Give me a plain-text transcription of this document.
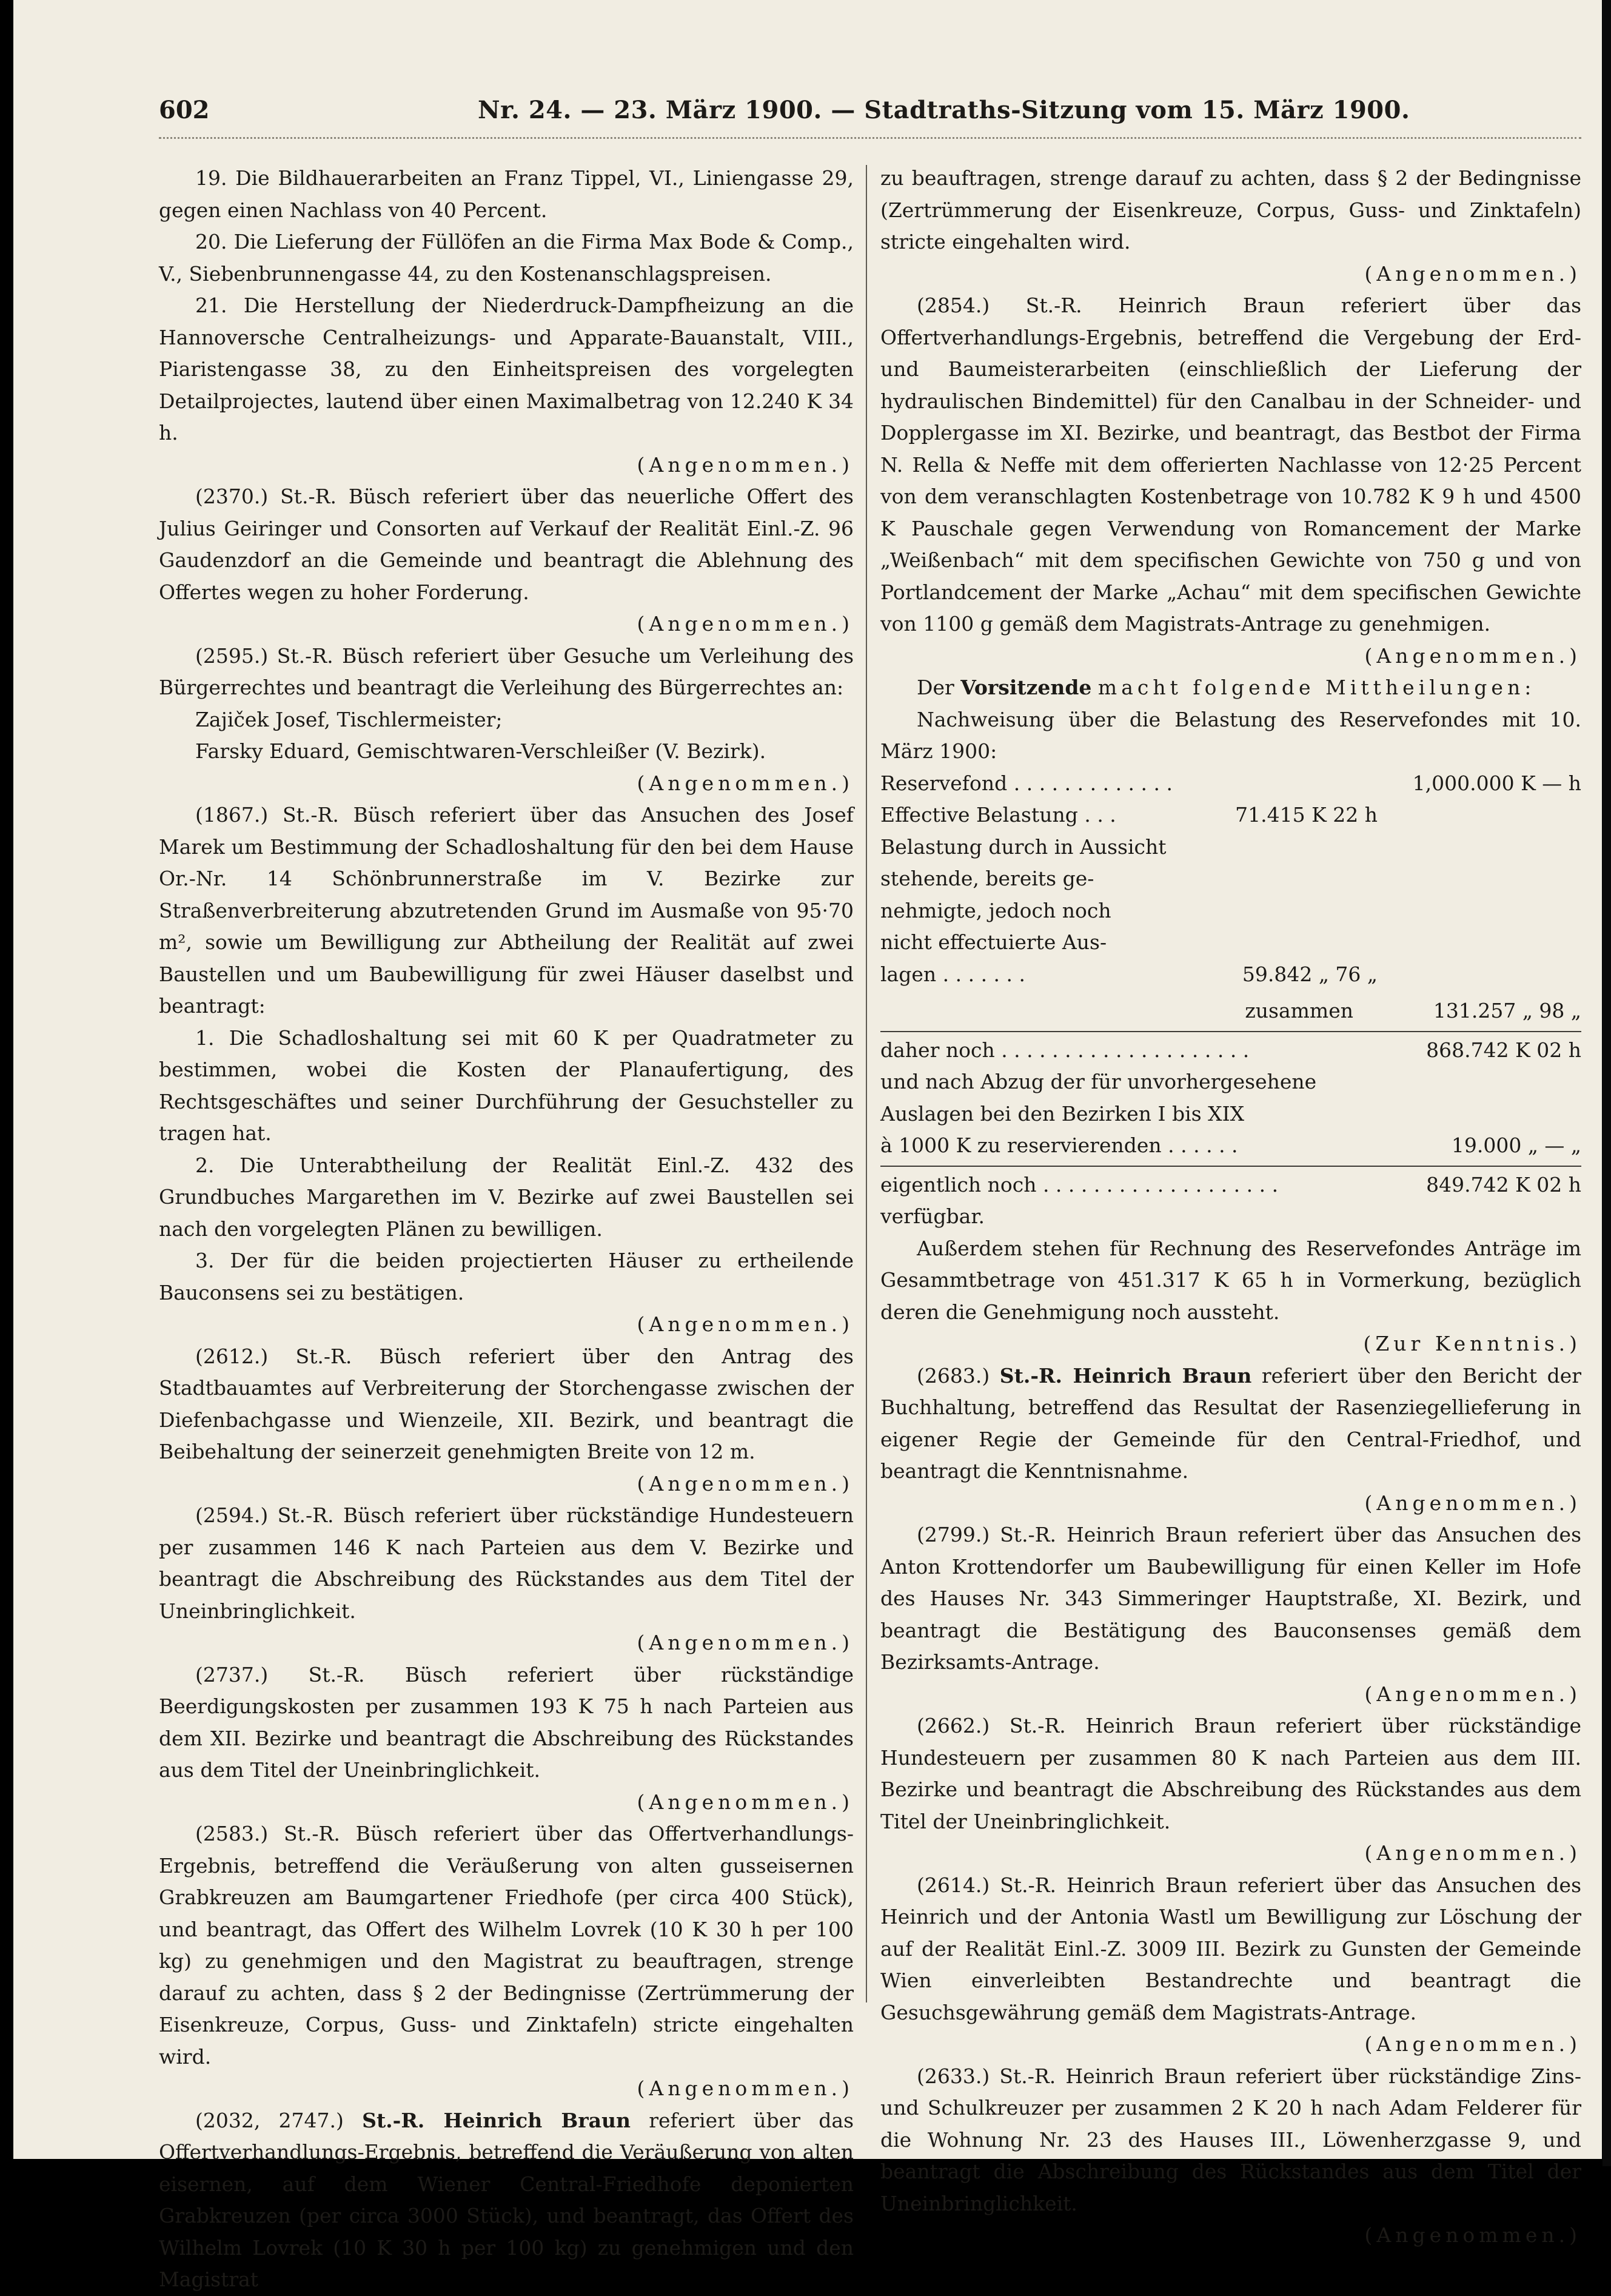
602	Nr. 24. — 23. März 1900. — Stadtraths-Sitzung vom 15. März 1900.

19. Die Bildhauerarbeiten an Franz Tippel, VI., Liniengasse 29, gegen einen Nachlass von 40 Percent.

20. Die Lieferung der Füllöfen an die Firma Max Bode & Comp., V., Siebenbrunnengasse 44, zu den Kostenanschlagspreisen.

21. Die Herstellung der Niederdruck-Dampfheizung an die Hannoversche Centralheizungs- und Apparate-Bauanstalt, VIII., Piaristengasse 38, zu den Einheitspreisen des vorgelegten Detailprojectes, lautend über einen Maximalbetrag von 12.240 K 34 h.

(Angenommen.)

(2370.) St.-R. Büsch referiert über das neuerliche Offert des Julius Geiringer und Consorten auf Verkauf der Realität Einl.-Z. 96 Gaudenzdorf an die Gemeinde und beantragt die Ablehnung des Offertes wegen zu hoher Forderung.

(Angenommen.)

(2595.) St.-R. Büsch referiert über Gesuche um Verleihung des Bürgerrechtes und beantragt die Verleihung des Bürgerrechtes an:

Zajiček Josef, Tischlermeister;

Farsky Eduard, Gemischtwaren-Verschleißer (V. Bezirk).

(Angenommen.)

(1867.) St.-R. Büsch referiert über das Ansuchen des Josef Marek um Bestimmung der Schadloshaltung für den bei dem Hause Or.-Nr. 14 Schönbrunnerstraße im V. Bezirke zur Straßenverbreiterung abzutretenden Grund im Ausmaße von 95·70 m², sowie um Bewilligung zur Abtheilung der Realität auf zwei Baustellen und um Baubewilligung für zwei Häuser daselbst und beantragt:

1. Die Schadloshaltung sei mit 60 K per Quadratmeter zu bestimmen, wobei die Kosten der Planaufertigung, des Rechtsgeschäftes und seiner Durchführung der Gesuchsteller zu tragen hat.

2. Die Unterabtheilung der Realität Einl.-Z. 432 des Grundbuches Margarethen im V. Bezirke auf zwei Baustellen sei nach den vorgelegten Plänen zu bewilligen.

3. Der für die beiden projectierten Häuser zu ertheilende Bauconsens sei zu bestätigen.

(Angenommen.)

(2612.) St.-R. Büsch referiert über den Antrag des Stadtbauamtes auf Verbreiterung der Storchengasse zwischen der Diefenbachgasse und Wienzeile, XII. Bezirk, und beantragt die Beibehaltung der seinerzeit genehmigten Breite von 12 m.

(Angenommen.)

(2594.) St.-R. Büsch referiert über rückständige Hundesteuern per zusammen 146 K nach Parteien aus dem V. Bezirke und beantragt die Abschreibung des Rückstandes aus dem Titel der Uneinbringlichkeit.

(Angenommen.)

(2737.) St.-R. Büsch referiert über rückständige Beerdigungskosten per zusammen 193 K 75 h nach Parteien aus dem XII. Bezirke und beantragt die Abschreibung des Rückstandes aus dem Titel der Uneinbringlichkeit.

(Angenommen.)

(2583.) St.-R. Büsch referiert über das Offertverhandlungs-Ergebnis, betreffend die Veräußerung von alten gusseisernen Grabkreuzen am Baumgartener Friedhofe (per circa 400 Stück), und beantragt, das Offert des Wilhelm Lovrek (10 K 30 h per 100 kg) zu genehmigen und den Magistrat zu beauftragen, strenge darauf zu achten, dass § 2 der Bedingnisse (Zertrümmerung der Eisenkreuze, Corpus, Guss- und Zinktafeln) stricte eingehalten wird.

(Angenommen.)

(2032, 2747.) St.-R. Heinrich Braun referiert über das Offertverhandlungs-Ergebnis, betreffend die Veräußerung von alten eisernen, auf dem Wiener Central-Friedhofe deponierten Grabkreuzen (per circa 3000 Stück), und beantragt, das Offert des Wilhelm Lovrek (10 K 30 h per 100 kg) zu genehmigen und den Magistrat

zu beauftragen, strenge darauf zu achten, dass § 2 der Bedingnisse (Zertrümmerung der Eisenkreuze, Corpus, Guss- und Zinktafeln) stricte eingehalten wird.

(Angenommen.)

(2854.) St.-R. Heinrich Braun referiert über das Offertverhandlungs-Ergebnis, betreffend die Vergebung der Erd- und Baumeisterarbeiten (einschließlich der Lieferung der hydraulischen Bindemittel) für den Canalbau in der Schneider- und Dopplergasse im XI. Bezirke, und beantragt, das Bestbot der Firma N. Rella & Neffe mit dem offerierten Nachlasse von 12·25 Percent von dem veranschlagten Kostenbetrage von 10.782 K 9 h und 4500 K Pauschale gegen Verwendung von Romancement der Marke „Weißenbach“ mit dem specifischen Gewichte von 750 g und von Portlandcement der Marke „Achau“ mit dem specifischen Gewichte von 1100 g gemäß dem Magistrats-Antrage zu genehmigen.

(Angenommen.)

Der Vorsitzende macht folgende Mittheilungen:

Nachweisung über die Belastung des Reservefondes mit 10. März 1900:

Reservefond . . . . . . . . . . . . .	1,000.000 K — h
Effective Belastung . . .	71.415 K 22 h
Belastung durch in Aussicht
stehende, bereits ge-
nehmigte, jedoch noch
nicht effectuierte Aus-
lagen . . . . . . .	59.842 „ 76 „
zusammen	131.257 „ 98 „
daher noch . . . . . . . . . . . . . . . . . . . .	868.742 K 02 h
und nach Abzug der für unvorhergesehene
Auslagen bei den Bezirken I bis XIX
à 1000 K zu reservierenden . . . . . .	19.000 „ — „
eigentlich noch . . . . . . . . . . . . . . . . . . .	849.742 K 02 h
verfügbar.

Außerdem stehen für Rechnung des Reservefondes Anträge im Gesammtbetrage von 451.317 K 65 h in Vormerkung, bezüglich deren die Genehmigung noch aussteht.

(Zur Kenntnis.)

(2683.) St.-R. Heinrich Braun referiert über den Bericht der Buchhaltung, betreffend das Resultat der Rasenziegellieferung in eigener Regie der Gemeinde für den Central-Friedhof, und beantragt die Kenntnisnahme.

(Angenommen.)

(2799.) St.-R. Heinrich Braun referiert über das Ansuchen des Anton Krottendorfer um Baubewilligung für einen Keller im Hofe des Hauses Nr. 343 Simmeringer Hauptstraße, XI. Bezirk, und beantragt die Bestätigung des Bauconsenses gemäß dem Bezirksamts-Antrage.

(Angenommen.)

(2662.) St.-R. Heinrich Braun referiert über rückständige Hundesteuern per zusammen 80 K nach Parteien aus dem III. Bezirke und beantragt die Abschreibung des Rückstandes aus dem Titel der Uneinbringlichkeit.

(Angenommen.)

(2614.) St.-R. Heinrich Braun referiert über das Ansuchen des Heinrich und der Antonia Wastl um Bewilligung zur Löschung der auf der Realität Einl.-Z. 3009 III. Bezirk zu Gunsten der Gemeinde Wien einverleibten Bestandrechte und beantragt die Gesuchsgewährung gemäß dem Magistrats-Antrage.

(Angenommen.)

(2633.) St.-R. Heinrich Braun referiert über rückständige Zins- und Schulkreuzer per zusammen 2 K 20 h nach Adam Felderer für die Wohnung Nr. 23 des Hauses III., Löwenherzgasse 9, und beantragt die Abschreibung des Rückstandes aus dem Titel der Uneinbringlichkeit.

(Angenommen.)
